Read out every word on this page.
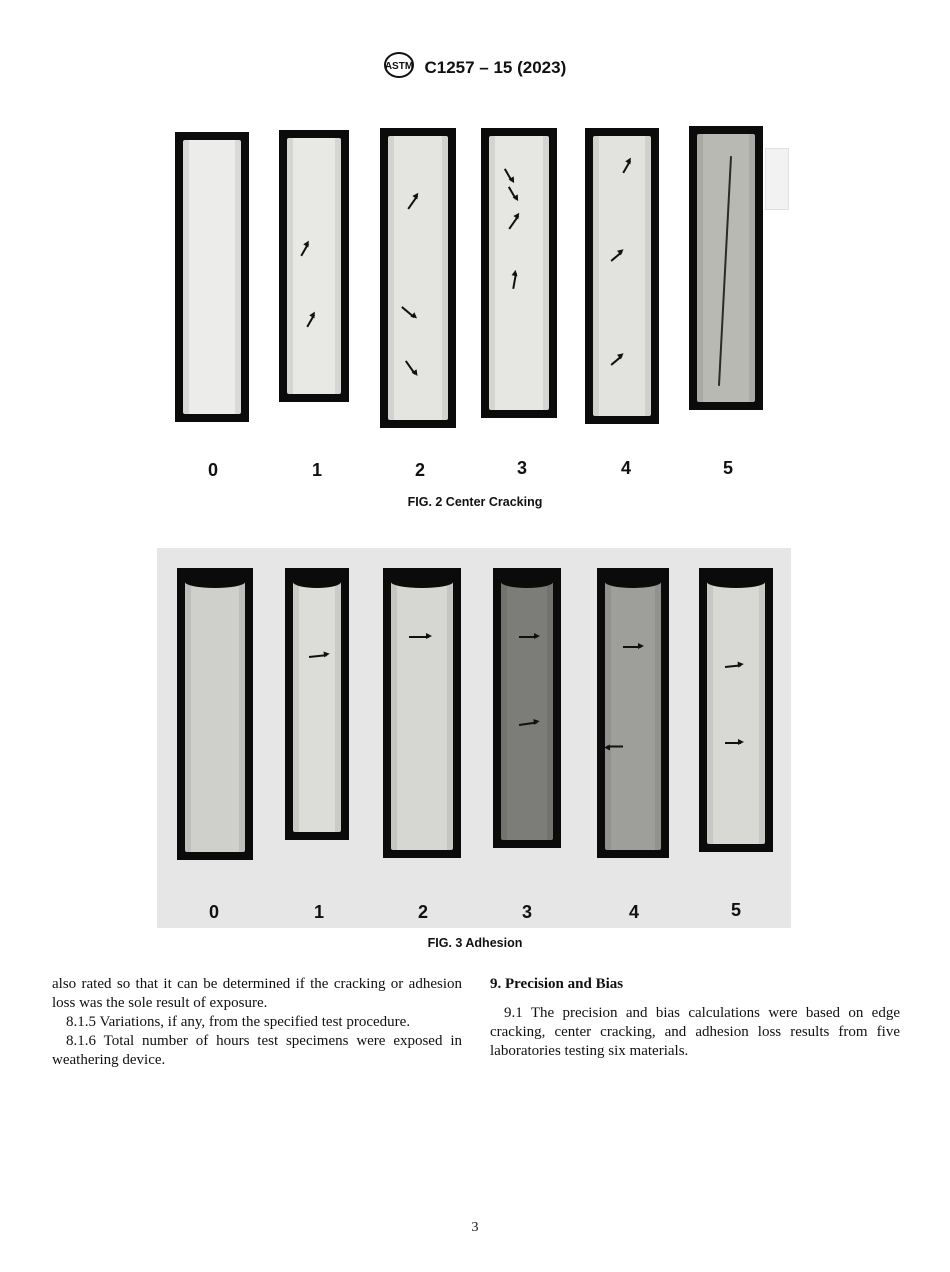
ASTM C1257 – 15 (2023)
0	1	2	3	4	5
FIG. 2 Center Cracking
0	1	2	3	4	5
FIG. 3 Adhesion

also rated so that it can be determined if the cracking or adhesion loss was the sole result of exposure.

8.1.5 Variations, if any, from the specified test procedure.

8.1.6 Total number of hours test specimens were exposed in weathering device.

9. Precision and Bias

9.1 The precision and bias calculations were based on edge cracking, center cracking, and adhesion loss results from five laboratories testing six materials.

3
